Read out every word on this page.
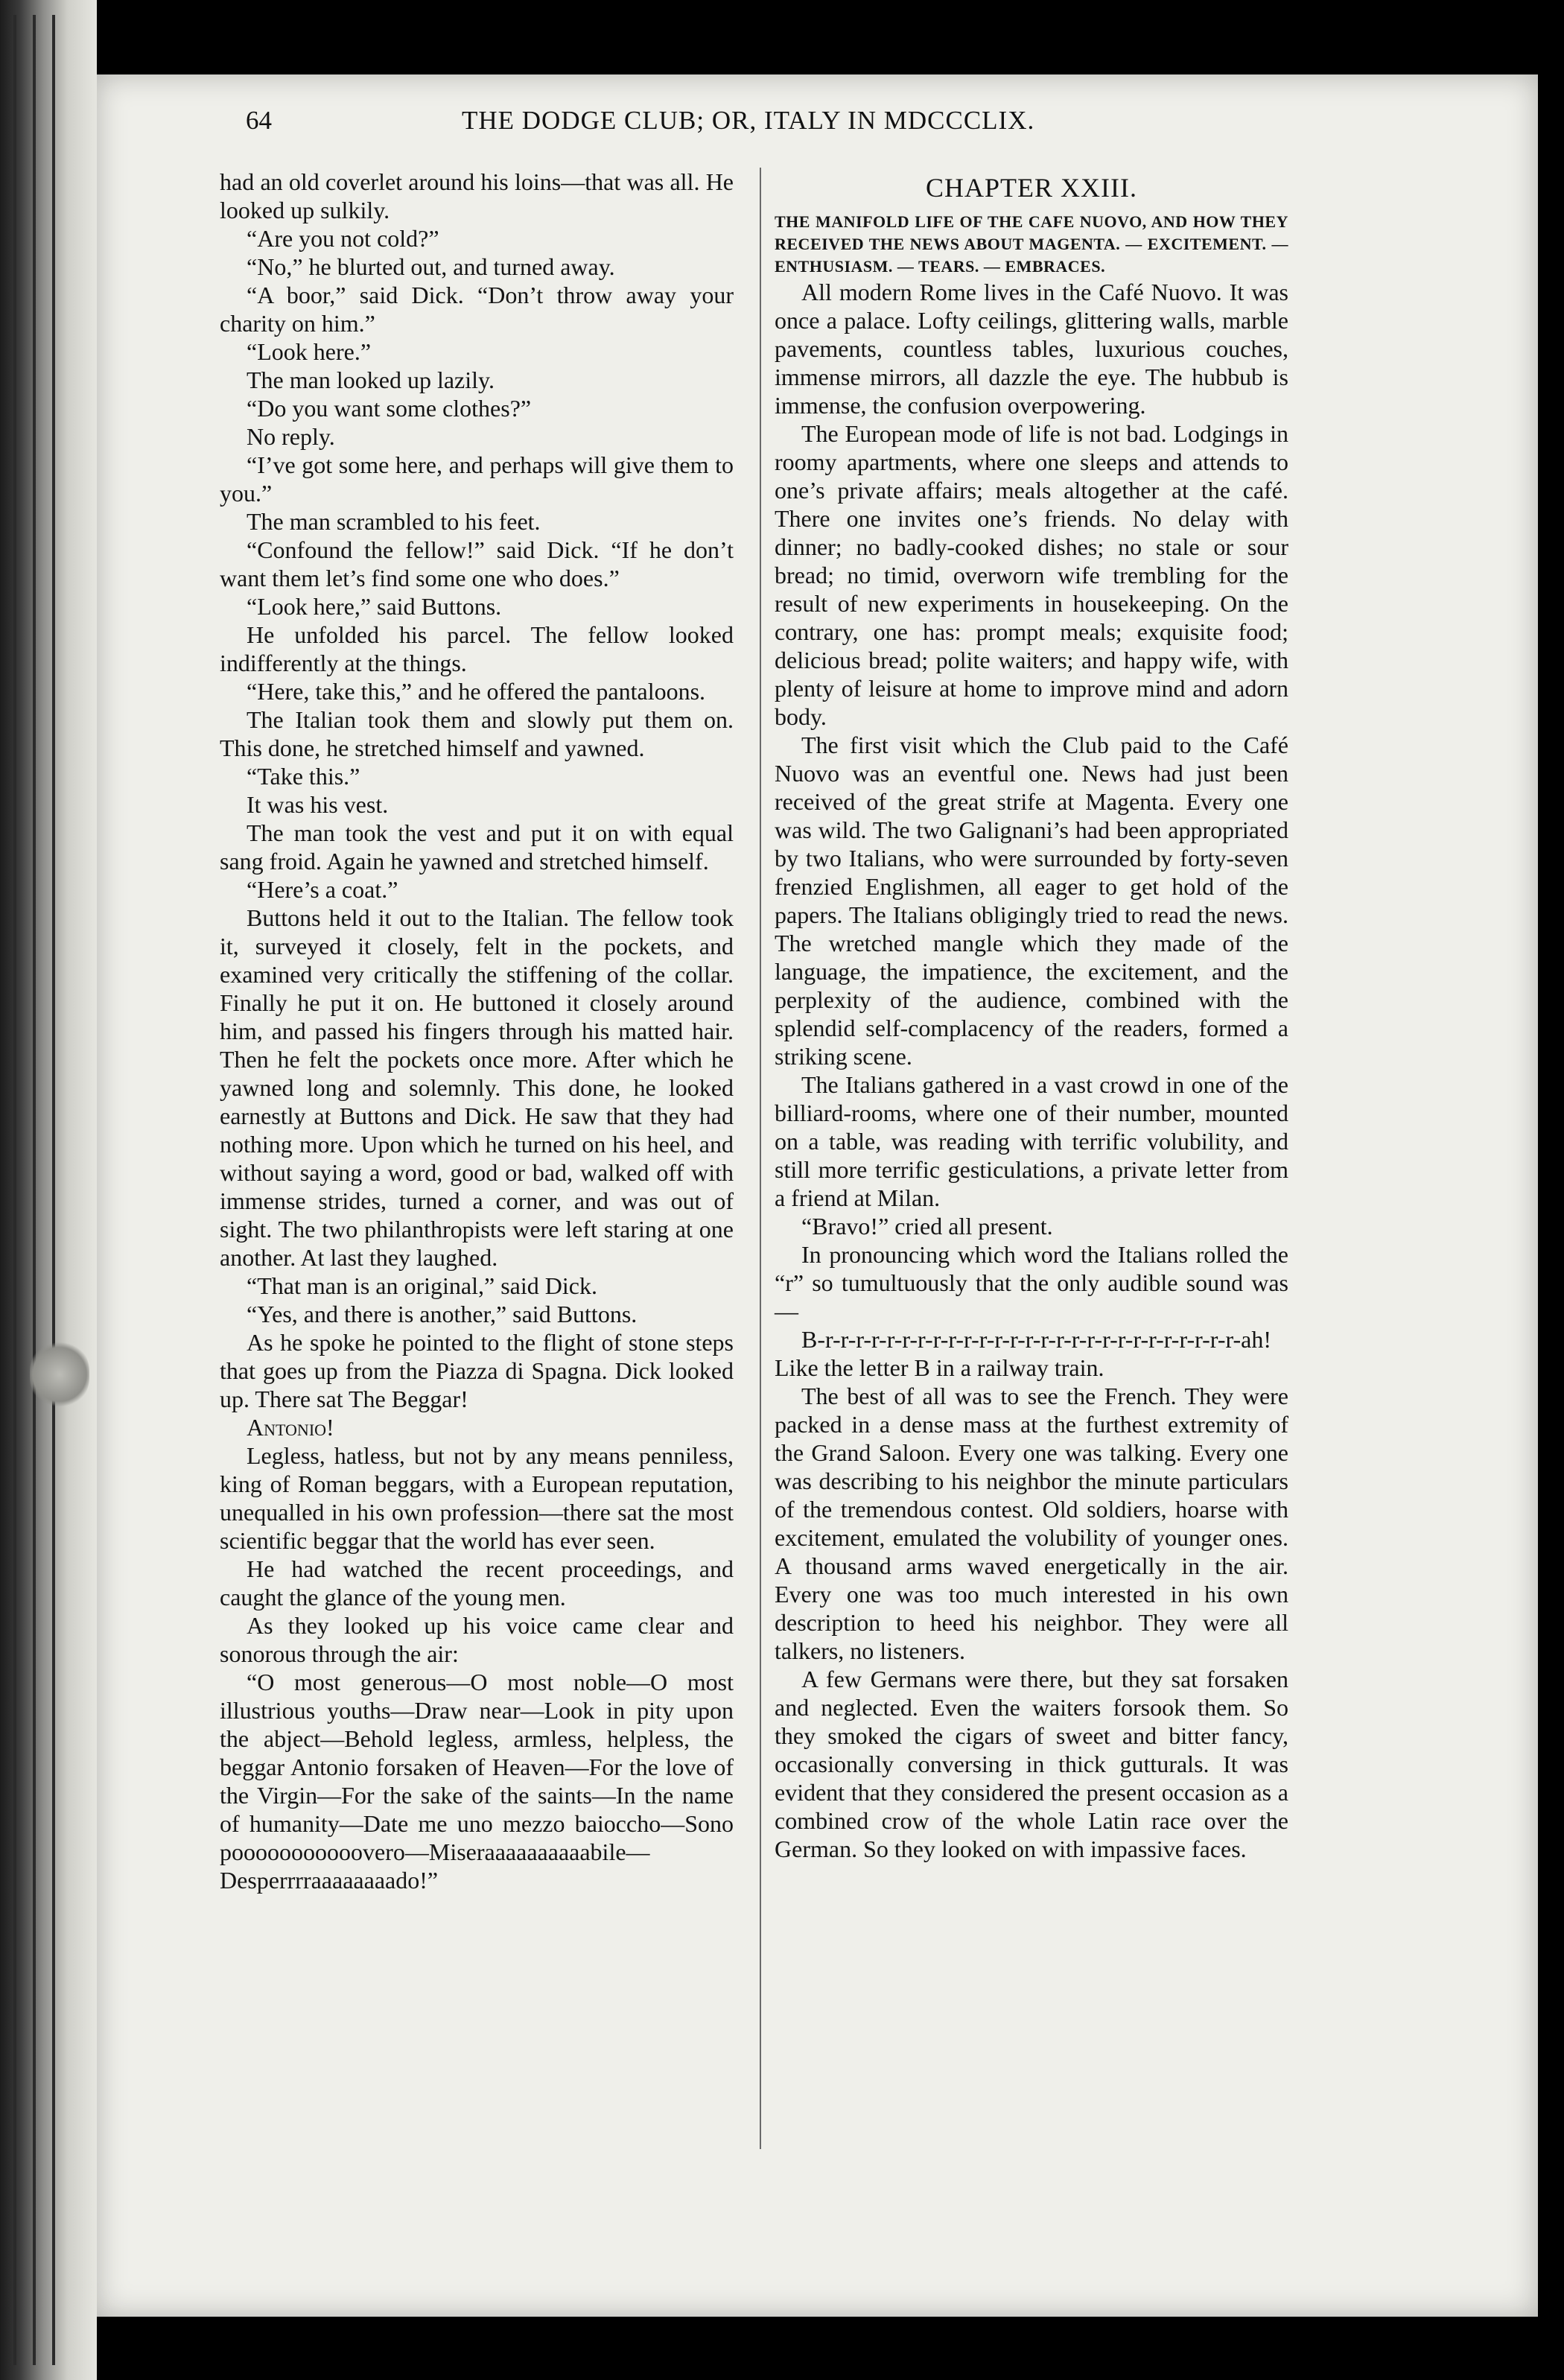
64	THE DODGE CLUB; OR, ITALY IN MDCCCLIX.

had an old coverlet around his loins—that was all. He looked up sulkily.

“Are you not cold?”

“No,” he blurted out, and turned away.

“A boor,” said Dick. “Don’t throw away your charity on him.”

“Look here.”

The man looked up lazily.

“Do you want some clothes?”

No reply.

“I’ve got some here, and perhaps will give them to you.”

The man scrambled to his feet.

“Confound the fellow!” said Dick. “If he don’t want them let’s find some one who does.”

“Look here,” said Buttons.

He unfolded his parcel. The fellow looked indifferently at the things.

“Here, take this,” and he offered the pantaloons.

The Italian took them and slowly put them on. This done, he stretched himself and yawned.

“Take this.”

It was his vest.

The man took the vest and put it on with equal sang froid. Again he yawned and stretched himself.

“Here’s a coat.”

Buttons held it out to the Italian. The fellow took it, surveyed it closely, felt in the pockets, and examined very critically the stiffening of the collar. Finally he put it on. He buttoned it closely around him, and passed his fingers through his matted hair. Then he felt the pockets once more. After which he yawned long and solemnly. This done, he looked earnestly at Buttons and Dick. He saw that they had nothing more. Upon which he turned on his heel, and without saying a word, good or bad, walked off with immense strides, turned a corner, and was out of sight. The two philanthropists were left staring at one another. At last they laughed.

“That man is an original,” said Dick.

“Yes, and there is another,” said Buttons.

As he spoke he pointed to the flight of stone steps that goes up from the Piazza di Spagna. Dick looked up. There sat The Beggar!

Antonio!

Legless, hatless, but not by any means penniless, king of Roman beggars, with a European reputation, unequalled in his own profession—there sat the most scientific beggar that the world has ever seen.

He had watched the recent proceedings, and caught the glance of the young men.

As they looked up his voice came clear and sonorous through the air:

“O most generous—O most noble—O most illustrious youths—Draw near—Look in pity upon the abject—Behold legless, armless, helpless, the beggar Antonio forsaken of Heaven—For the love of the Virgin—For the sake of the saints—In the name of humanity—Date me uno mezzo baiocchо—Sono pooooooooooovero—Miseraaaaaaaaaabile—Desperrrraaaaaaaado!”

CHAPTER XXIII.

THE MANIFOLD LIFE OF THE CAFE NUOVO, AND HOW THEY RECEIVED THE NEWS ABOUT MAGENTA. — EXCITEMENT. — ENTHUSIASM. — TEARS. — EMBRACES.

All modern Rome lives in the Café Nuovo. It was once a palace. Lofty ceilings, glittering walls, marble pavements, countless tables, luxurious couches, immense mirrors, all dazzle the eye. The hubbub is immense, the confusion overpowering.

The European mode of life is not bad. Lodgings in roomy apartments, where one sleeps and attends to one’s private affairs; meals altogether at the café. There one invites one’s friends. No delay with dinner; no badly-cooked dishes; no stale or sour bread; no timid, overworn wife trembling for the result of new experiments in housekeeping. On the contrary, one has: prompt meals; exquisite food; delicious bread; polite waiters; and happy wife, with plenty of leisure at home to improve mind and adorn body.

The first visit which the Club paid to the Café Nuovo was an eventful one. News had just been received of the great strife at Magenta. Every one was wild. The two Galignani’s had been appropriated by two Italians, who were surrounded by forty-seven frenzied Englishmen, all eager to get hold of the papers. The Italians obligingly tried to read the news. The wretched mangle which they made of the language, the impatience, the excitement, and the perplexity of the audience, combined with the splendid self-complacency of the readers, formed a striking scene.

The Italians gathered in a vast crowd in one of the billiard-rooms, where one of their number, mounted on a table, was reading with terrific volubility, and still more terrific gesticulations, a private letter from a friend at Milan.

“Bravo!” cried all present.

In pronouncing which word the Italians rolled the “r” so tumultuously that the only audible sound was—

B-r-r-r-r-r-r-r-r-r-r-r-r-r-r-r-r-r-r-r-r-r-r-r-r-r-r-r-ah!

Like the letter B in a railway train.

The best of all was to see the French. They were packed in a dense mass at the furthest extremity of the Grand Saloon. Every one was talking. Every one was describing to his neighbor the minute particulars of the tremendous contest. Old soldiers, hoarse with excitement, emulated the volubility of younger ones. A thousand arms waved energetically in the air. Every one was too much interested in his own description to heed his neighbor. They were all talkers, no listeners.

A few Germans were there, but they sat forsaken and neglected. Even the waiters forsook them. So they smoked the cigars of sweet and bitter fancy, occasionally conversing in thick gutturals. It was evident that they considered the present occasion as a combined crow of the whole Latin race over the German. So they looked on with impassive faces.
